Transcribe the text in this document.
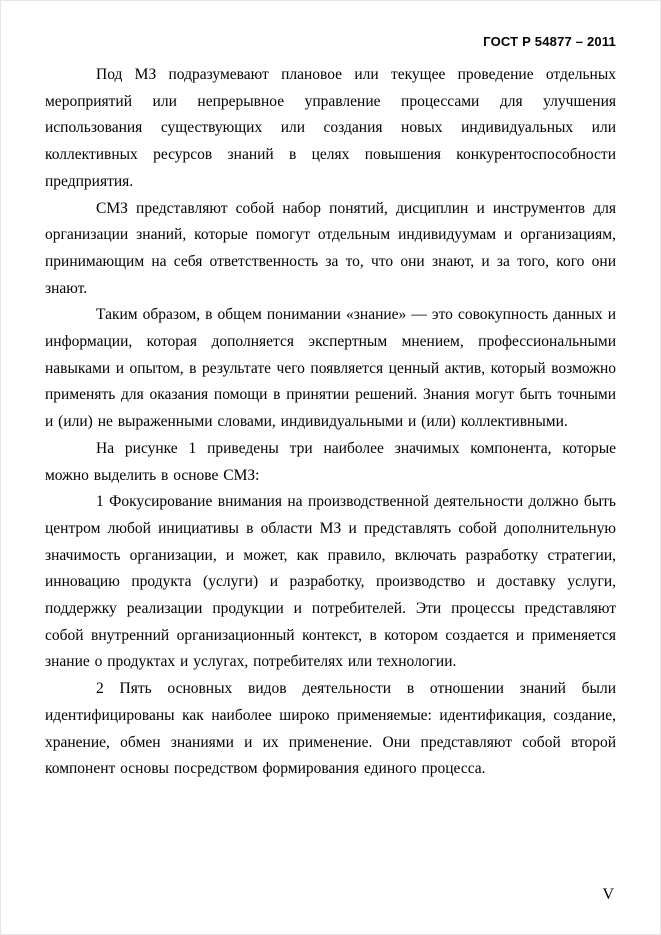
ГОСТ Р 54877 – 2011

Под МЗ подразумевают плановое или текущее проведение отдельных мероприятий или непрерывное управление процессами для улучшения использования существующих или создания новых индивидуальных или коллективных ресурсов знаний в целях повышения конкурентоспособности предприятия.

СМЗ представляют собой набор понятий, дисциплин и инструментов для организации знаний, которые помогут отдельным индивидуумам и организациям, принимающим на себя ответственность за то, что они знают, и за того, кого они знают.

Таким образом, в общем понимании «знание» — это совокупность данных и информации, которая дополняется экспертным мнением, профессиональными навыками и опытом, в результате чего появляется ценный актив, который возможно применять для оказания помощи в принятии решений. Знания могут быть точными и (или) не выраженными словами, индивидуальными и (или) коллективными.

На рисунке 1 приведены три наиболее значимых компонента, которые можно выделить в основе СМЗ:

1 Фокусирование внимания на производственной деятельности должно быть центром любой инициативы в области МЗ и представлять собой дополнительную значимость организации, и может, как правило, включать разработку стратегии, инновацию продукта (услуги) и разработку, производство и доставку услуги, поддержку реализации продукции и потребителей. Эти процессы представляют собой внутренний организационный контекст, в котором создается и применяется знание о продуктах и услугах, потребителях или технологии.

2 Пять основных видов деятельности в отношении знаний были идентифицированы как наиболее широко применяемые: идентификация, создание, хранение, обмен знаниями и их применение. Они представляют собой второй компонент основы посредством формирования единого процесса.

V
